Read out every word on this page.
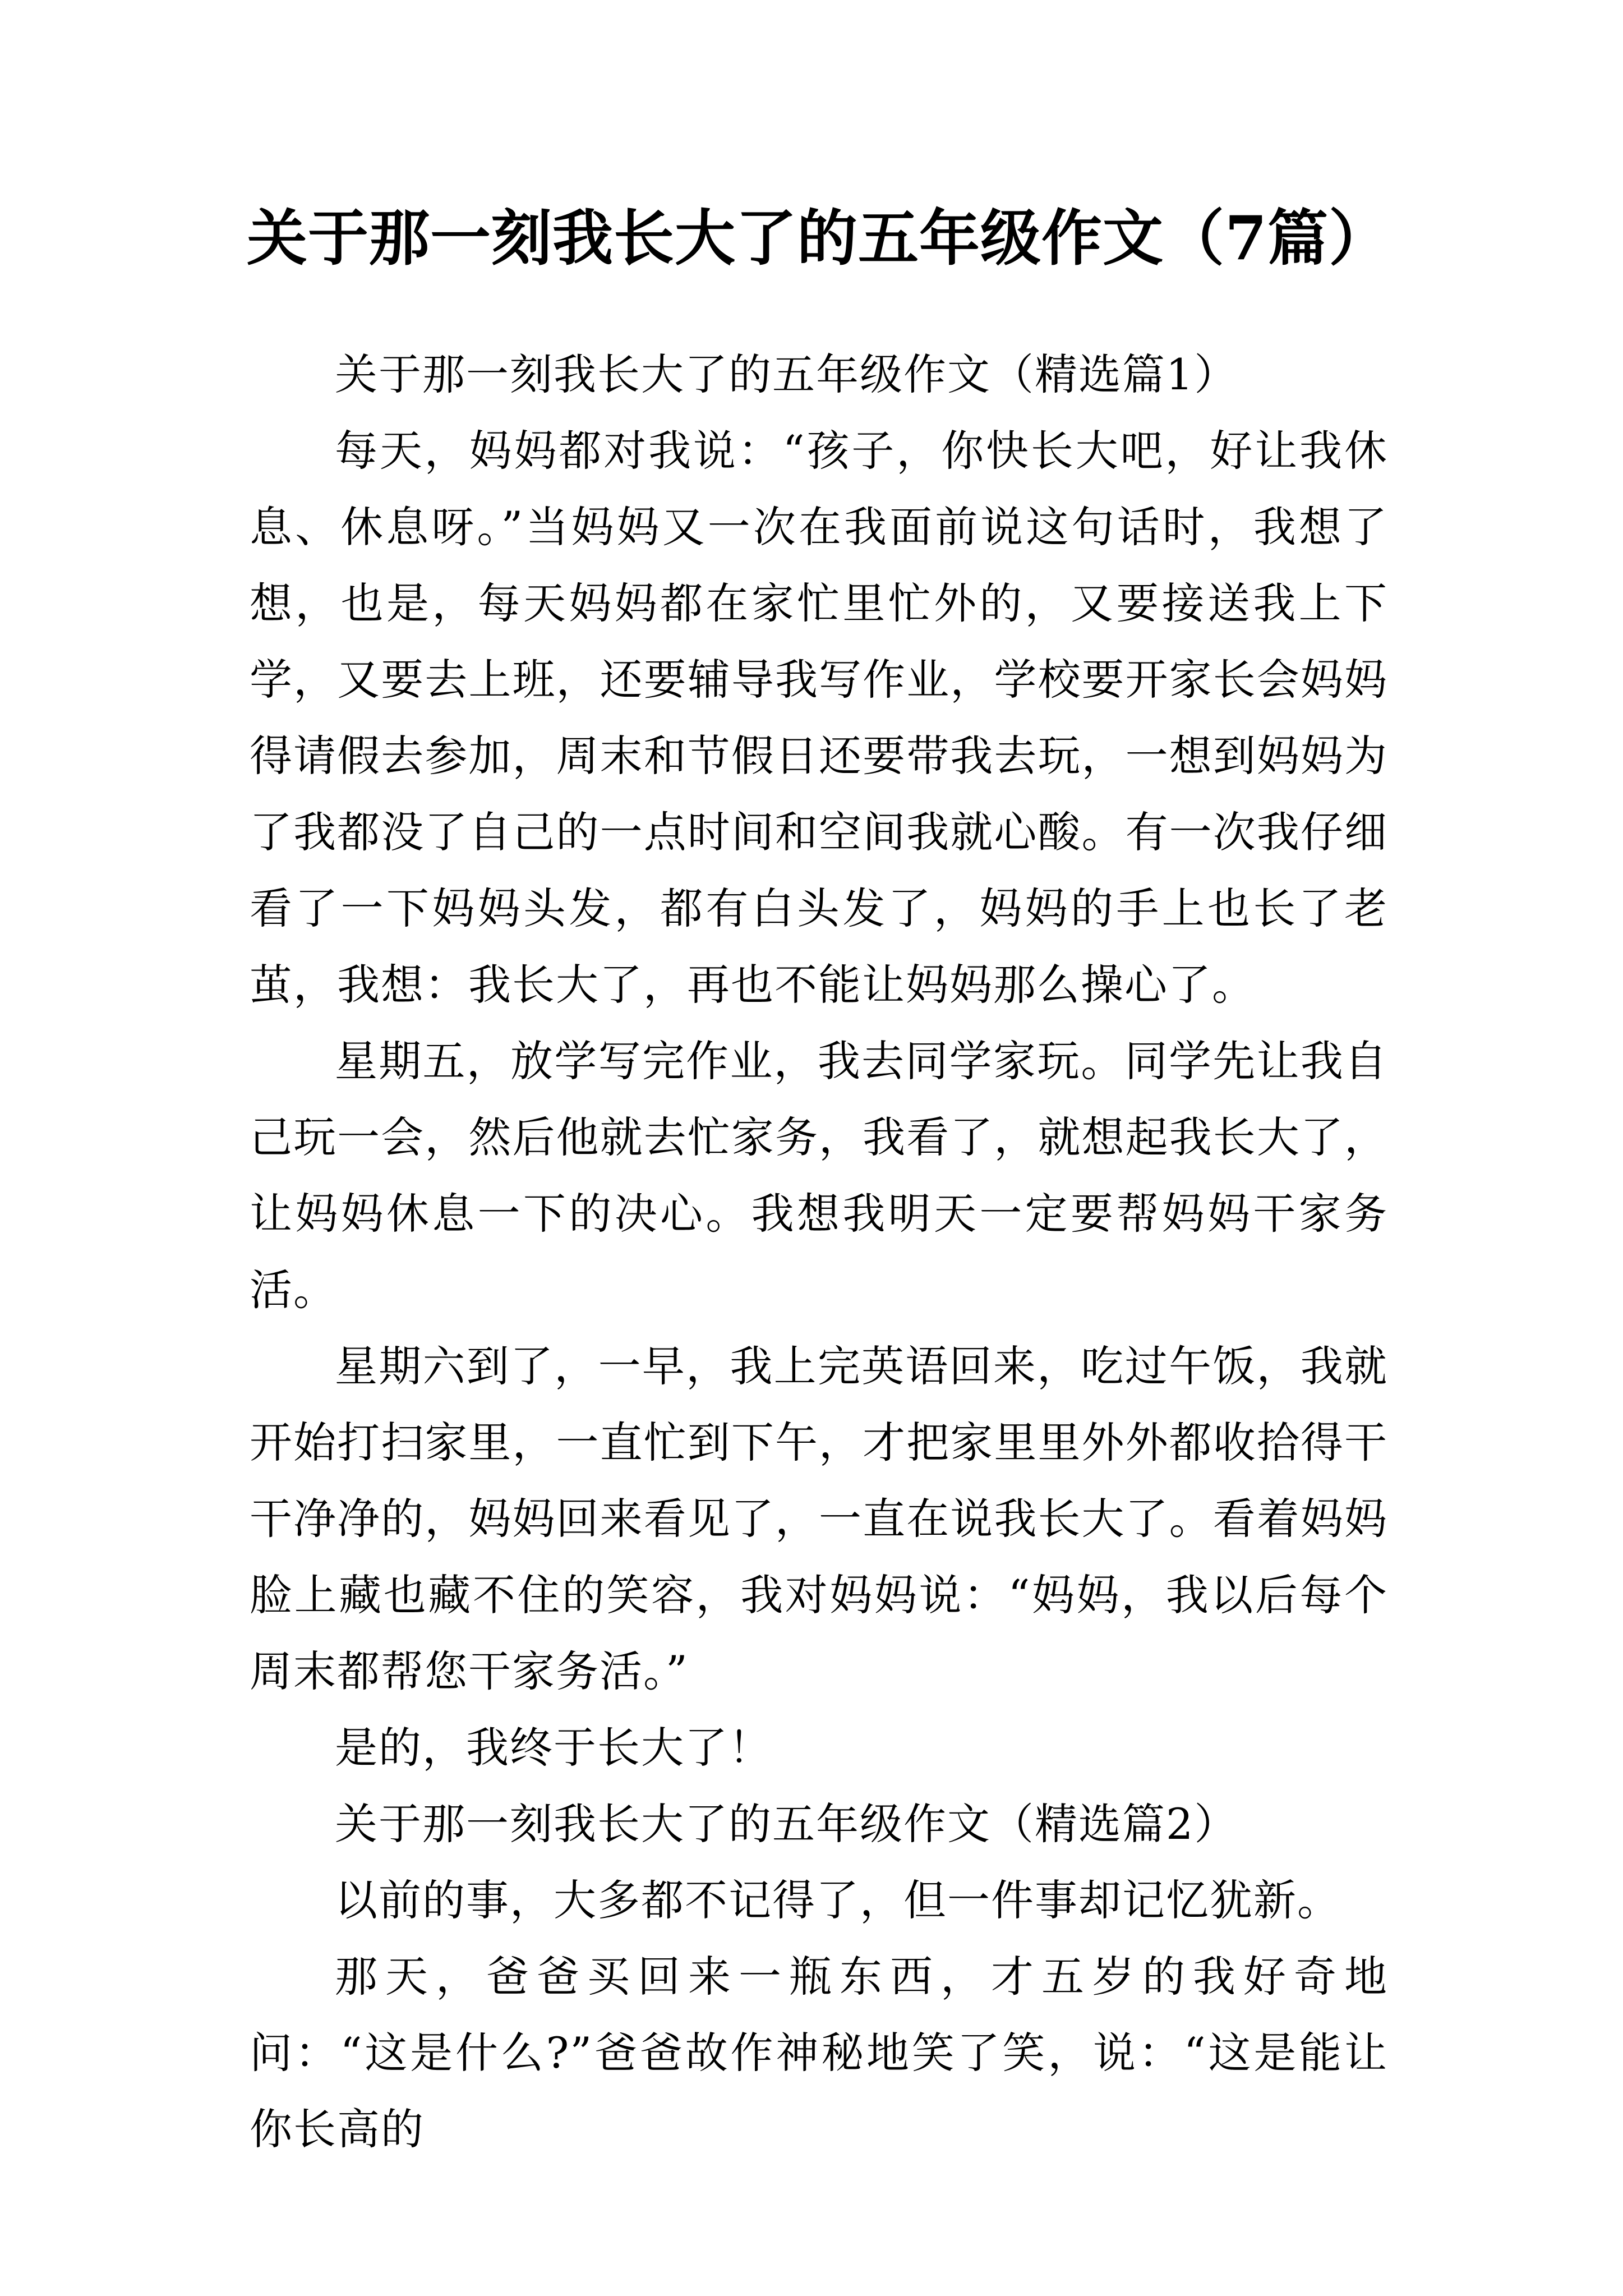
关于那一刻我长大了的五年级作文（7篇）

关于那一刻我长大了的五年级作文（精选篇1）

每天，妈妈都对我说：“孩子，你快长大吧，好让我休息、休息呀。”当妈妈又一次在我面前说这句话时，我想了想，也是，每天妈妈都在家忙里忙外的，又要接送我上下学，又要去上班，还要辅导我写作业，学校要开家长会妈妈得请假去参加，周末和节假日还要带我去玩，一想到妈妈为了我都没了自己的一点时间和空间我就心酸。有一次我仔细看了一下妈妈头发，都有白头发了，妈妈的手上也长了老茧，我想：我长大了，再也不能让妈妈那么操心了。

星期五，放学写完作业，我去同学家玩。同学先让我自己玩一会，然后他就去忙家务，我看了，就想起我长大了，让妈妈休息一下的决心。我想我明天一定要帮妈妈干家务活。

星期六到了，一早，我上完英语回来，吃过午饭，我就开始打扫家里，一直忙到下午，才把家里里外外都收拾得干干净净的，妈妈回来看见了，一直在说我长大了。看着妈妈脸上藏也藏不住的笑容，我对妈妈说：“妈妈，我以后每个周末都帮您干家务活。”

是的，我终于长大了！

关于那一刻我长大了的五年级作文（精选篇2）

以前的事，大多都不记得了，但一件事却记忆犹新。

那天，爸爸买回来一瓶东西，才五岁的我好奇地问：“这是什么?”爸爸故作神秘地笑了笑，说：“这是能让你长高的
